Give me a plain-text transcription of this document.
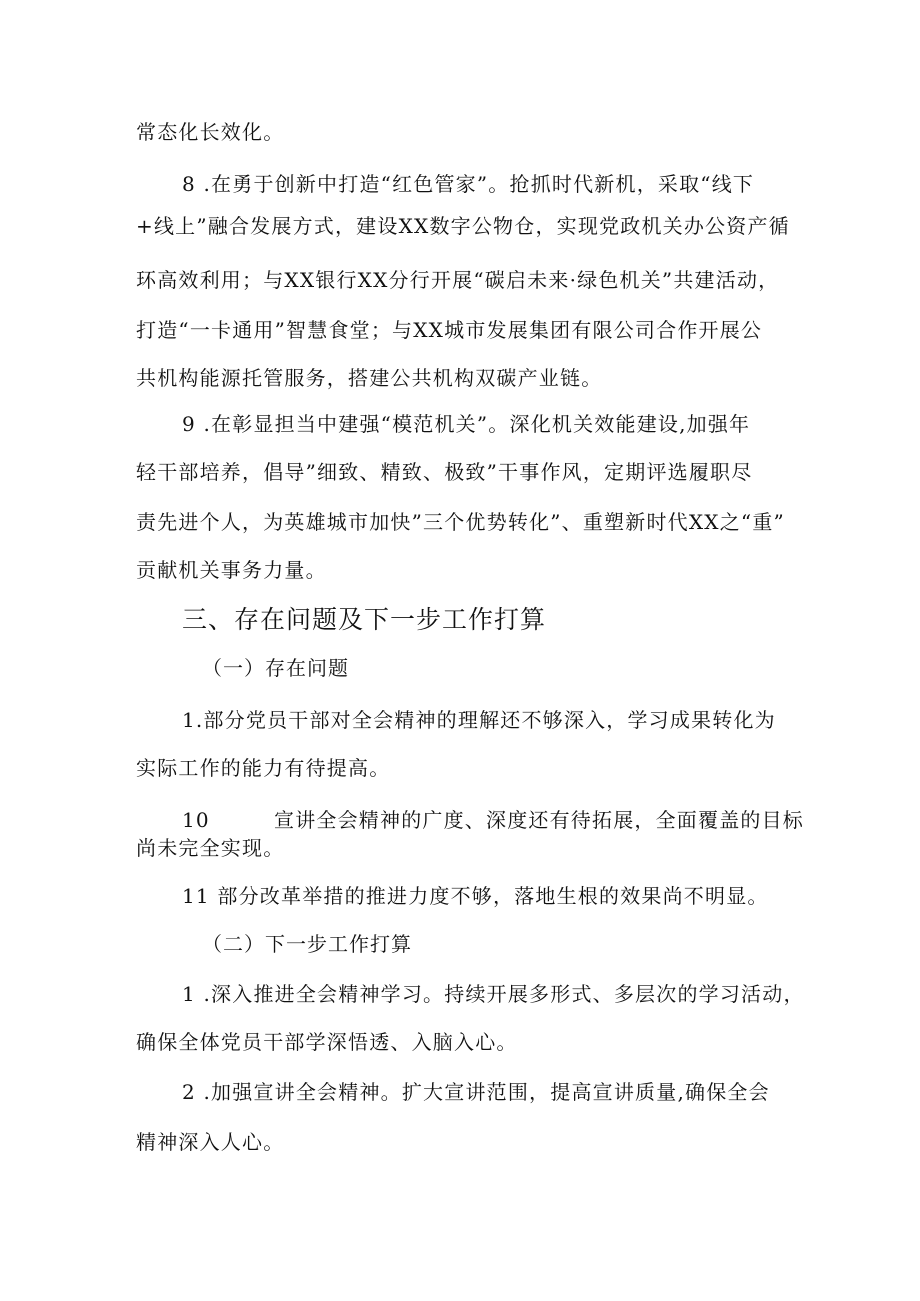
常态化长效化。
8 .在勇于创新中打造“红色管家”。抢抓时代新机，采取“线下
+线上”融合发展方式，建设XX数字公物仓，实现党政机关办公资产循
环高效利用；与XX银行XX分行开展“碳启未来·绿色机关”共建活动，
打造“一卡通用”智慧食堂；与XX城市发展集团有限公司合作开展公
共机构能源托管服务，搭建公共机构双碳产业链。
9 .在彰显担当中建强“模范机关”。深化机关效能建设,加强年
轻干部培养，倡导”细致、精致、极致”干事作风，定期评选履职尽
责先进个人，为英雄城市加快”三个优势转化”、重塑新时代XX之“重”
贡献机关事务力量。
三、存在问题及下一步工作打算
（一）存在问题
1.部分党员干部对全会精神的理解还不够深入，学习成果转化为
实际工作的能力有待提高。
10	宣讲全会精神的广度、深度还有待拓展，全面覆盖的目标
尚未完全实现。
11 部分改革举措的推进力度不够，落地生根的效果尚不明显。
（二）下一步工作打算
1 .深入推进全会精神学习。持续开展多形式、多层次的学习活动，
确保全体党员干部学深悟透、入脑入心。
2 .加强宣讲全会精神。扩大宣讲范围，提高宣讲质量,确保全会
精神深入人心。
